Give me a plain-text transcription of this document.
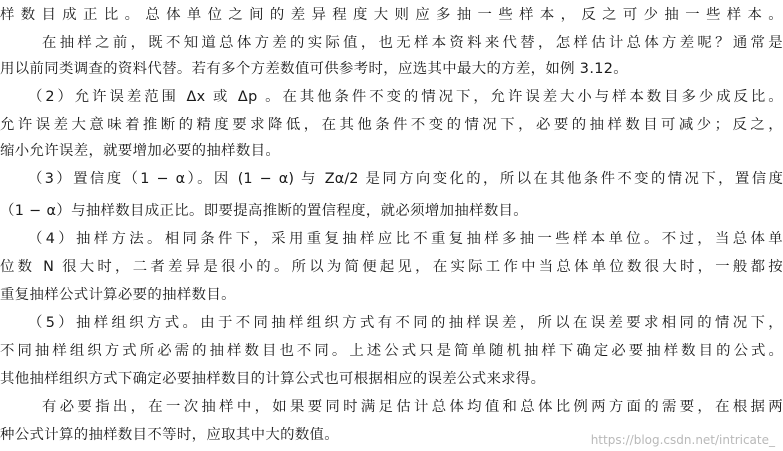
样数目成正比。总体单位之间的差异程度大则应多抽一些样本，反之可少抽一些样本。
在抽样之前，既不知道总体方差的实际值，也无样本资料来代替，怎样估计总体方差呢？通常是
用以前同类调查的资料代替。若有多个方差数值可供参考时，应选其中最大的方差，如例 3.12。
（2）允许误差范围 Δx 或 Δp 。在其他条件不变的情况下，允许误差大小与样本数目多少成反比。
允许误差大意味着推断的精度要求降低，在其他条件不变的情况下，必要的抽样数目可减少；反之，
缩小允许误差，就要增加必要的抽样数目。
（3）置信度（1 − α）。因 (1 − α) 与 Zα/2 是同方向变化的，所以在其他条件不变的情况下，置信度
（1 − α）与抽样数目成正比。即要提高推断的置信程度，就必须增加抽样数目。
（4）抽样方法。相同条件下，采用重复抽样应比不重复抽样多抽一些样本单位。不过，当总体单
位数 N 很大时，二者差异是很小的。所以为简便起见，在实际工作中当总体单位数很大时，一般都按
重复抽样公式计算必要的抽样数目。
（5）抽样组织方式。由于不同抽样组织方式有不同的抽样误差，所以在误差要求相同的情况下，
不同抽样组织方式所必需的抽样数目也不同。上述公式只是简单随机抽样下确定必要抽样数目的公式。
其他抽样组织方式下确定必要抽样数目的计算公式也可根据相应的误差公式来求得。
有必要指出，在一次抽样中，如果要同时满足估计总体均值和总体比例两方面的需要，在根据两
种公式计算的抽样数目不等时，应取其中大的数值。	https://blog.csdn.net/intricate_
